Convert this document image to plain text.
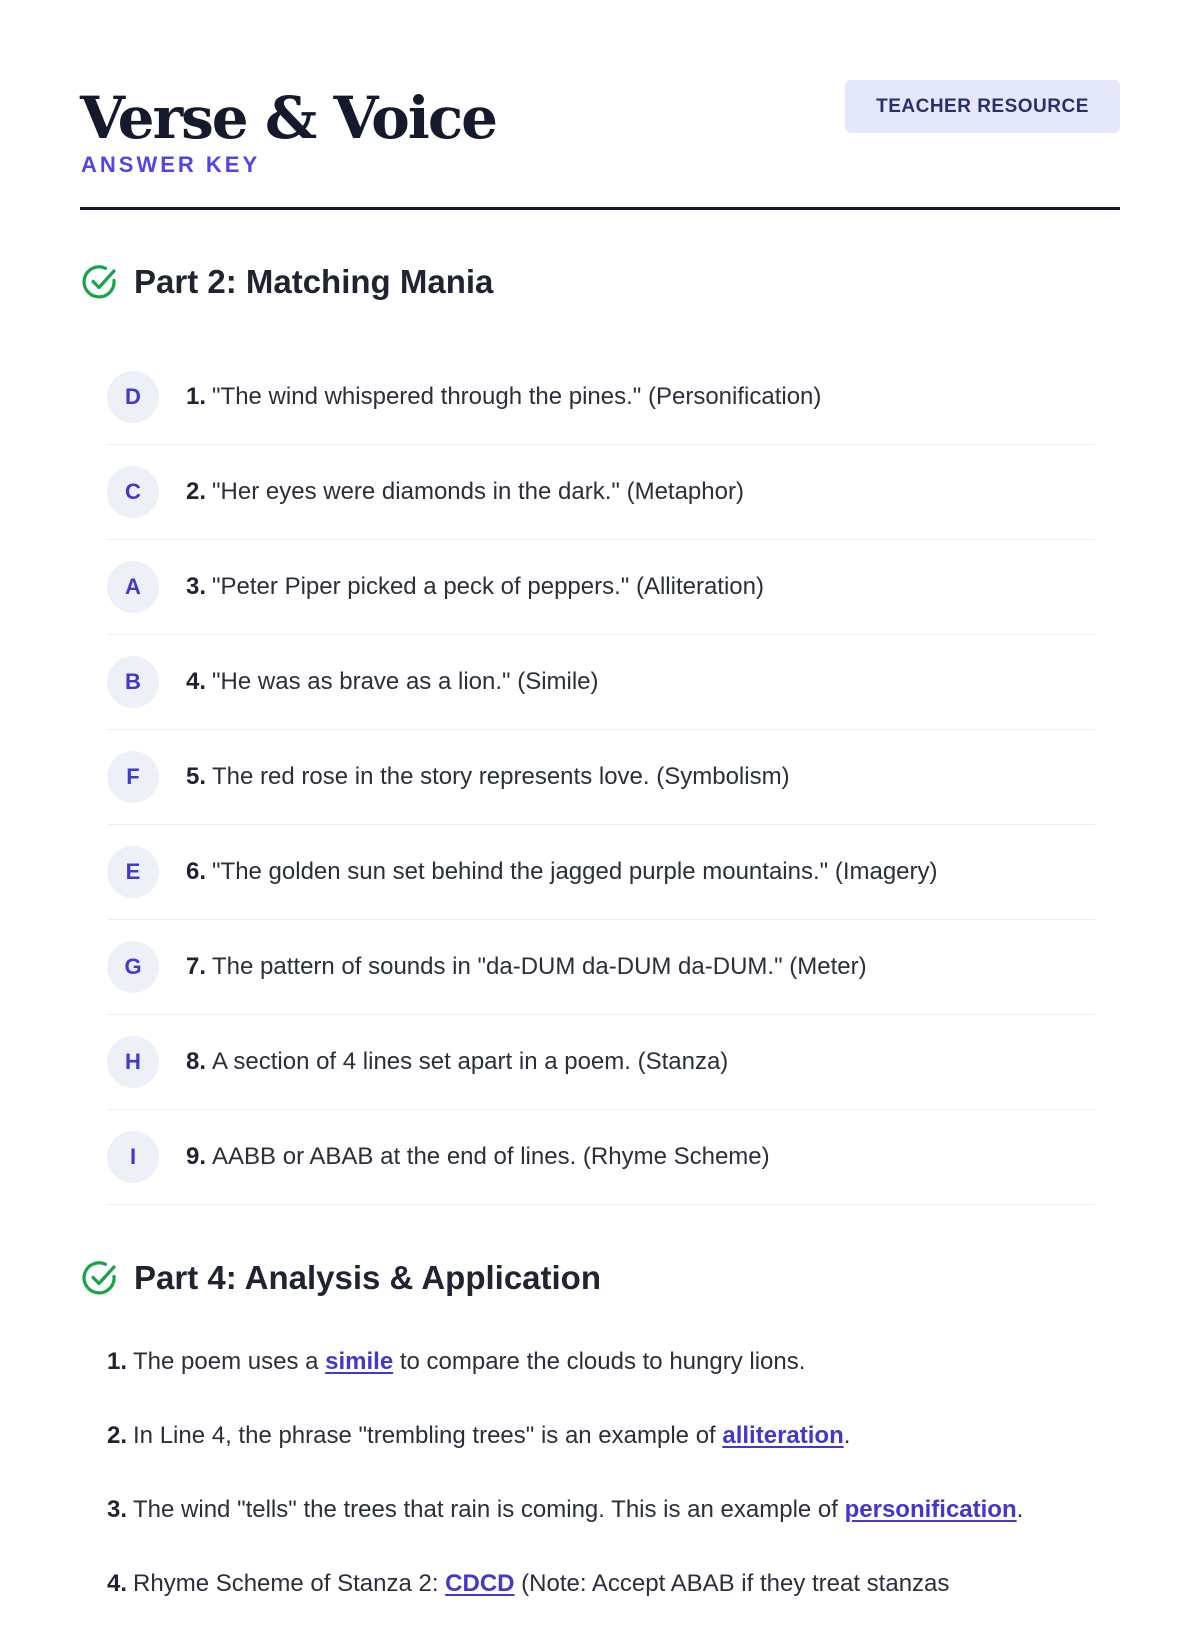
Verse & Voice
ANSWER KEY
TEACHER RESOURCE
Part 2: Matching Mania
D	1. "The wind whispered through the pines." (Personification)
C	2. "Her eyes were diamonds in the dark." (Metaphor)
A	3. "Peter Piper picked a peck of peppers." (Alliteration)
B	4. "He was as brave as a lion." (Simile)
F	5. The red rose in the story represents love. (Symbolism)
E	6. "The golden sun set behind the jagged purple mountains." (Imagery)
G	7. The pattern of sounds in "da-DUM da-DUM da-DUM." (Meter)
H	8. A section of 4 lines set apart in a poem. (Stanza)
I	9. AABB or ABAB at the end of lines. (Rhyme Scheme)
Part 4: Analysis & Application
1. The poem uses a simile to compare the clouds to hungry lions.
2. In Line 4, the phrase "trembling trees" is an example of alliteration.
3. The wind "tells" the trees that rain is coming. This is an example of personification.
4. Rhyme Scheme of Stanza 2: CDCD (Note: Accept ABAB if they treat stanzas
